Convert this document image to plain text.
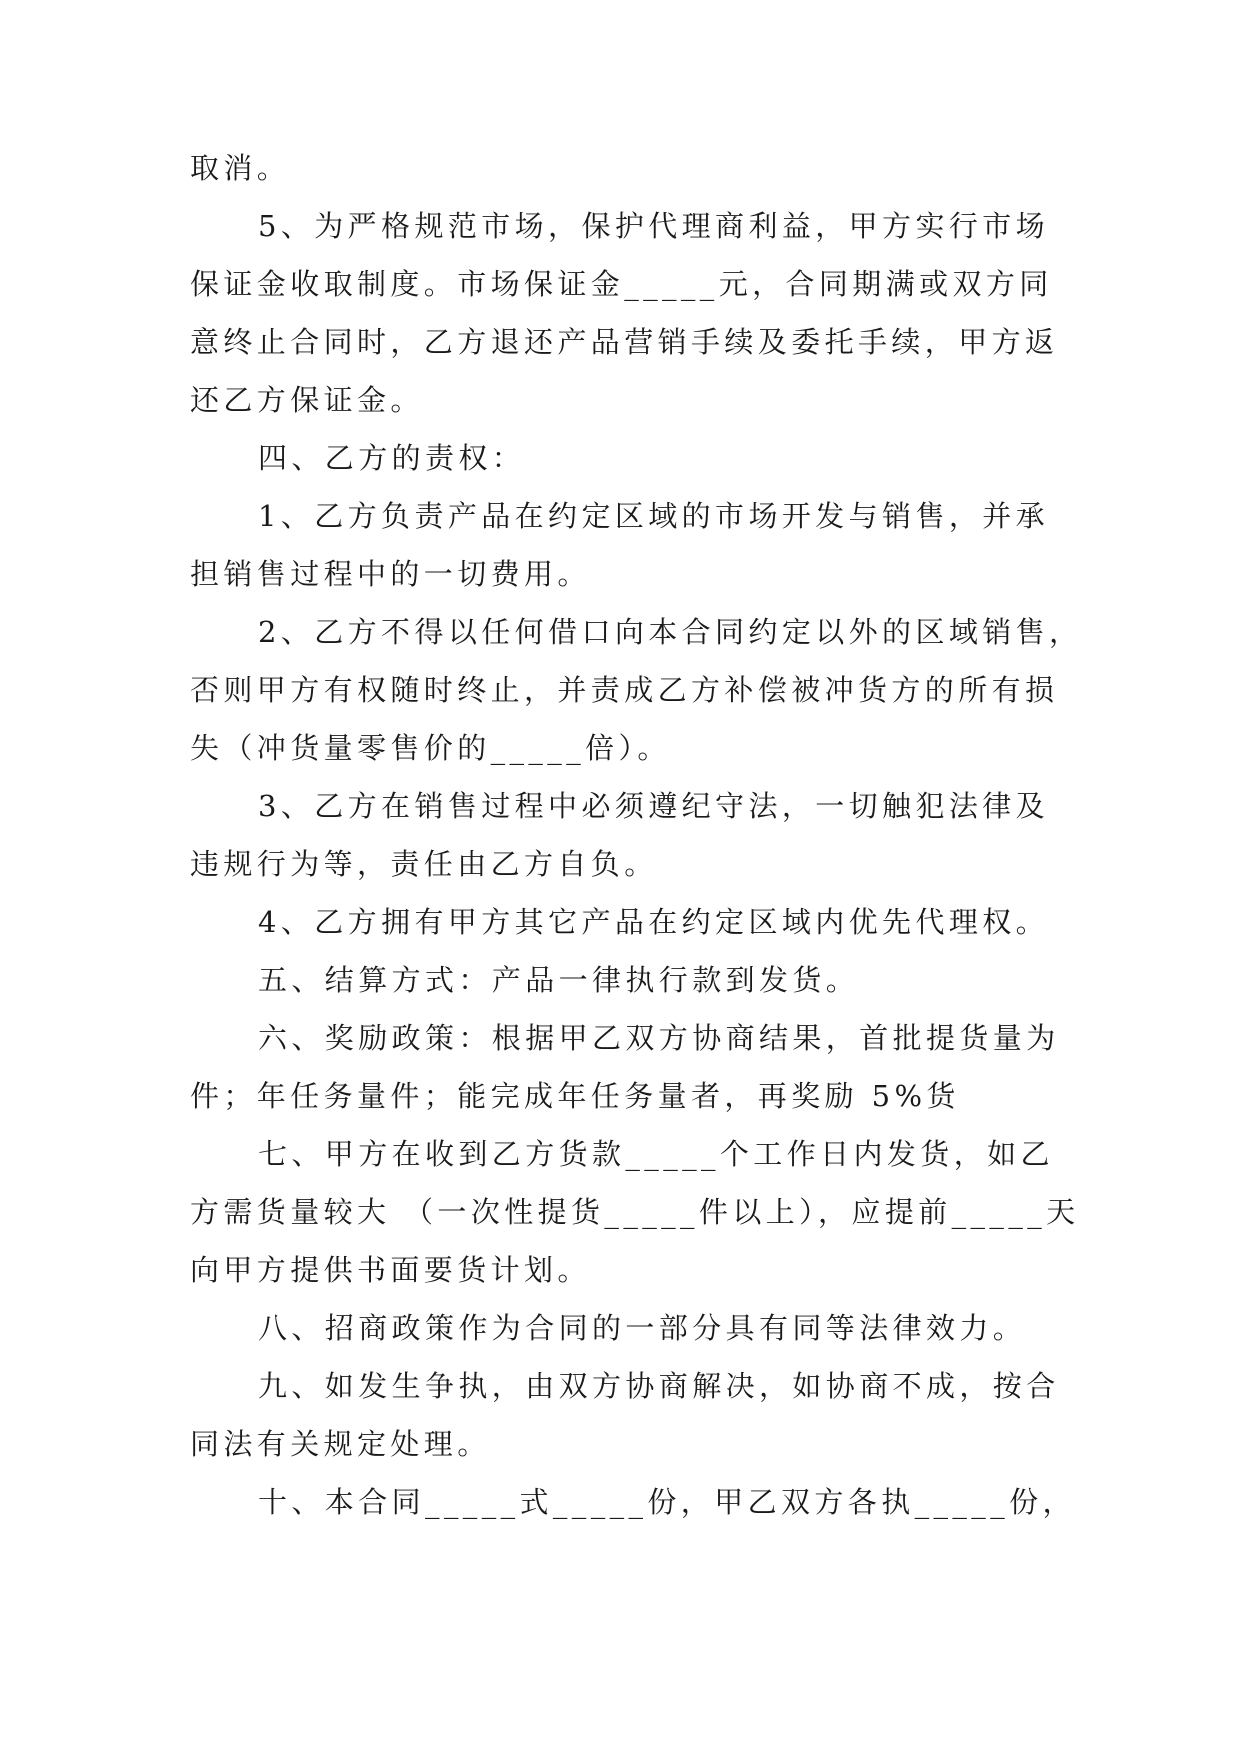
取消。
5、为严格规范市场，保护代理商利益，甲方实行市场
保证金收取制度。市场保证金_____元，合同期满或双方同
意终止合同时，乙方退还产品营销手续及委托手续，甲方返
还乙方保证金。
四、乙方的责权：
1、乙方负责产品在约定区域的市场开发与销售，并承
担销售过程中的一切费用。
2、乙方不得以任何借口向本合同约定以外的区域销售，
否则甲方有权随时终止，并责成乙方补偿被冲货方的所有损
失（冲货量零售价的_____倍）。
3、乙方在销售过程中必须遵纪守法，一切触犯法律及
违规行为等，责任由乙方自负。
4、乙方拥有甲方其它产品在约定区域内优先代理权。
五、结算方式：产品一律执行款到发货。
六、奖励政策：根据甲乙双方协商结果，首批提货量为
件；年任务量件；能完成年任务量者，再奖励 5%货
七、甲方在收到乙方货款_____个工作日内发货，如乙
方需货量较大 （一次性提货_____件以上），应提前_____天
向甲方提供书面要货计划。
八、招商政策作为合同的一部分具有同等法律效力。
九、如发生争执，由双方协商解决，如协商不成，按合
同法有关规定处理。
十、本合同_____式_____份，甲乙双方各执_____份，
